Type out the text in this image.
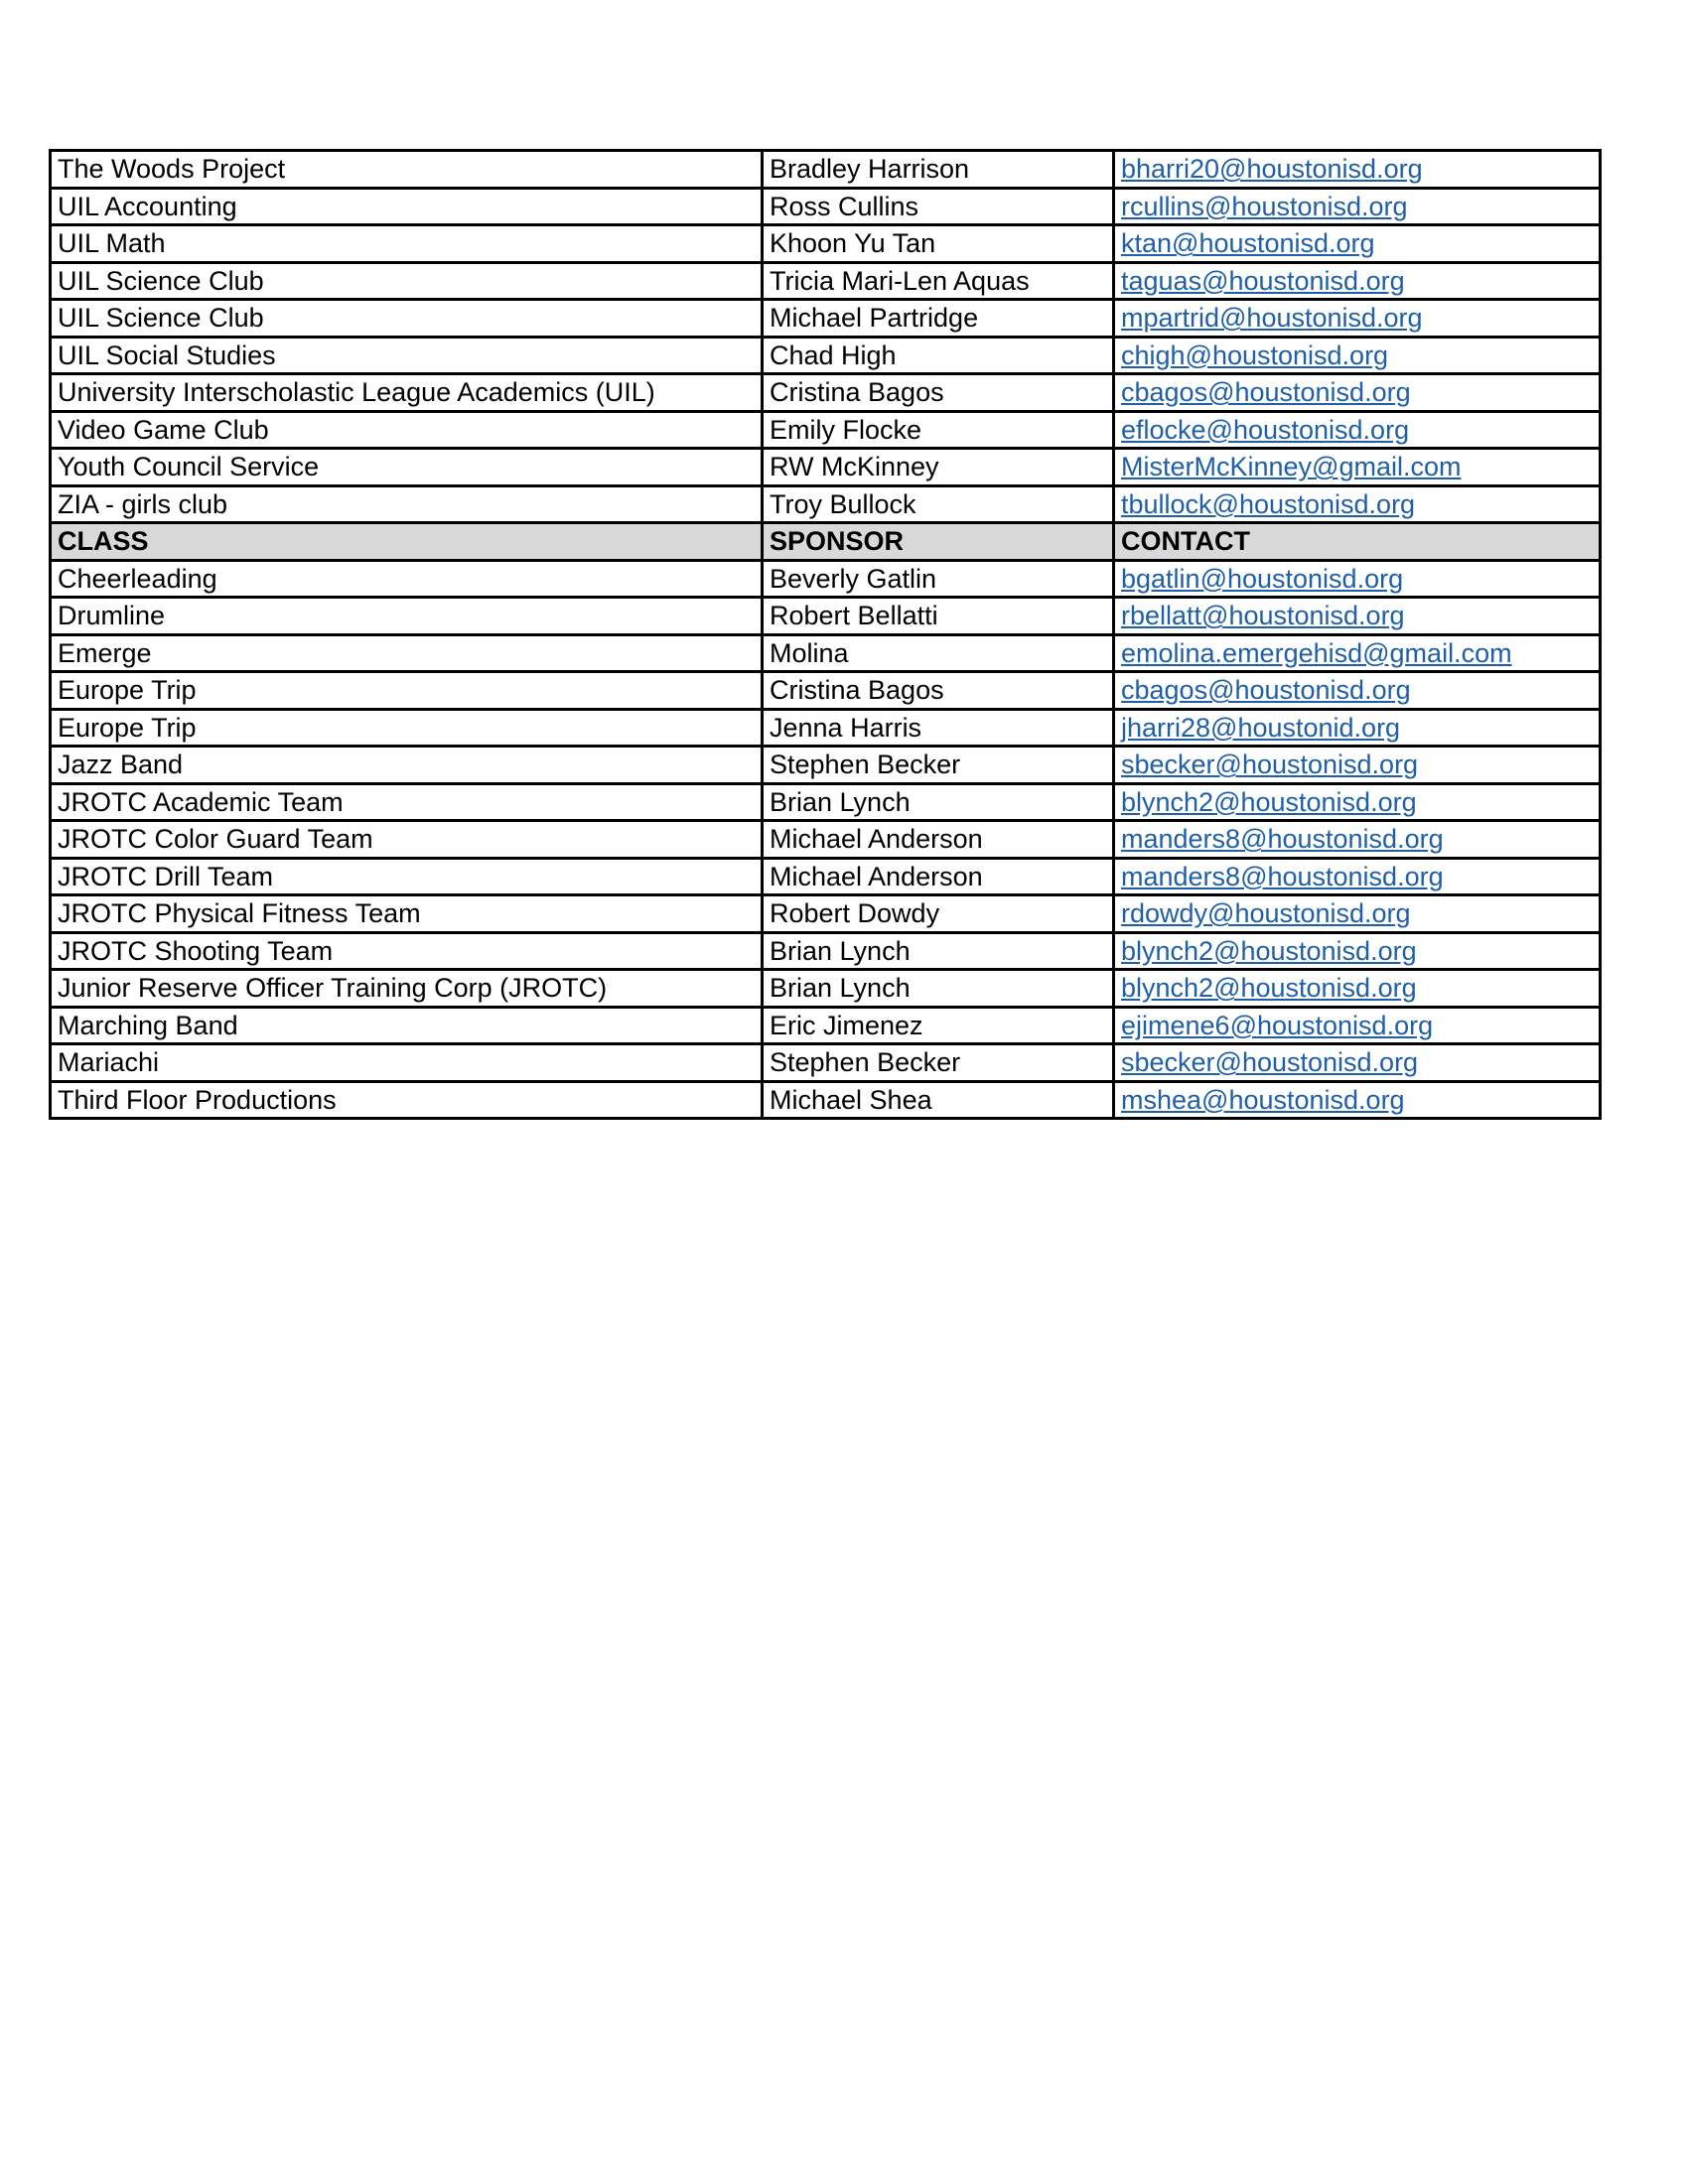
The Woods Project	Bradley Harrison	bharri20@houstonisd.org
UIL Accounting	Ross Cullins	rcullins@houstonisd.org
UIL Math	Khoon Yu Tan	ktan@houstonisd.org
UIL Science Club	Tricia Mari-Len Aquas	taguas@houstonisd.org
UIL Science Club	Michael Partridge	mpartrid@houstonisd.org
UIL Social Studies	Chad High	chigh@houstonisd.org
University Interscholastic League Academics (UIL)	Cristina Bagos	cbagos@houstonisd.org
Video Game Club	Emily Flocke	eflocke@houstonisd.org
Youth Council Service	RW McKinney	MisterMcKinney@gmail.com
ZIA - girls club	Troy Bullock	tbullock@houstonisd.org
CLASS	SPONSOR	CONTACT
Cheerleading	Beverly Gatlin	bgatlin@houstonisd.org
Drumline	Robert Bellatti	rbellatt@houstonisd.org
Emerge	Molina	emolina.emergehisd@gmail.com
Europe Trip	Cristina Bagos	cbagos@houstonisd.org
Europe Trip	Jenna Harris	jharri28@houstonid.org
Jazz Band	Stephen Becker	sbecker@houstonisd.org
JROTC Academic Team	Brian Lynch	blynch2@houstonisd.org
JROTC Color Guard Team	Michael Anderson	manders8@houstonisd.org
JROTC Drill Team	Michael Anderson	manders8@houstonisd.org
JROTC Physical Fitness Team	Robert Dowdy	rdowdy@houstonisd.org
JROTC Shooting Team	Brian Lynch	blynch2@houstonisd.org
Junior Reserve Officer Training Corp (JROTC)	Brian Lynch	blynch2@houstonisd.org
Marching Band	Eric Jimenez	ejimene6@houstonisd.org
Mariachi	Stephen Becker	sbecker@houstonisd.org
Third Floor Productions	Michael Shea	mshea@houstonisd.org
